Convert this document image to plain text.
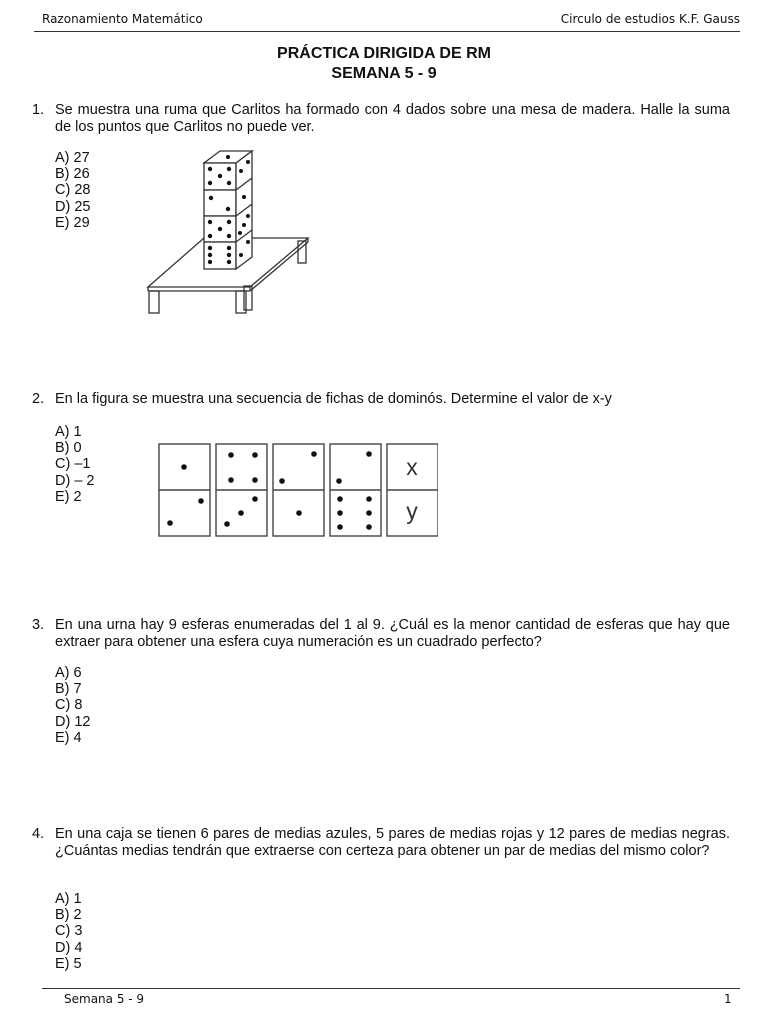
Razonamiento Matemático	Circulo de estudios K.F. Gauss
PRÁCTICA DIRIGIDA DE RM
SEMANA 5 - 9
1. Se muestra una ruma que Carlitos ha formado con 4 dados sobre una mesa de madera. Halle la suma de los puntos que Carlitos no puede ver.
A) 27
B) 26
C) 28
D) 25
E) 29
2. En la figura se muestra una secuencia de fichas de dominós. Determine el valor de x-y
A) 1
B) 0
C) –1
D) – 2
E) 2
x
y
3. En una urna hay 9 esferas enumeradas del 1 al 9. ¿Cuál es la menor cantidad de esferas que hay que extraer para obtener una esfera cuya numeración es un cuadrado perfecto?
A) 6
B) 7
C) 8
D) 12
E) 4
4. En una caja se tienen 6 pares de medias azules, 5 pares de medias rojas y 12 pares de medias negras. ¿Cuántas medias tendrán que extraerse con certeza para obtener un par de medias del mismo color?
A) 1
B) 2
C) 3
D) 4
E) 5
Semana 5 - 9	1
